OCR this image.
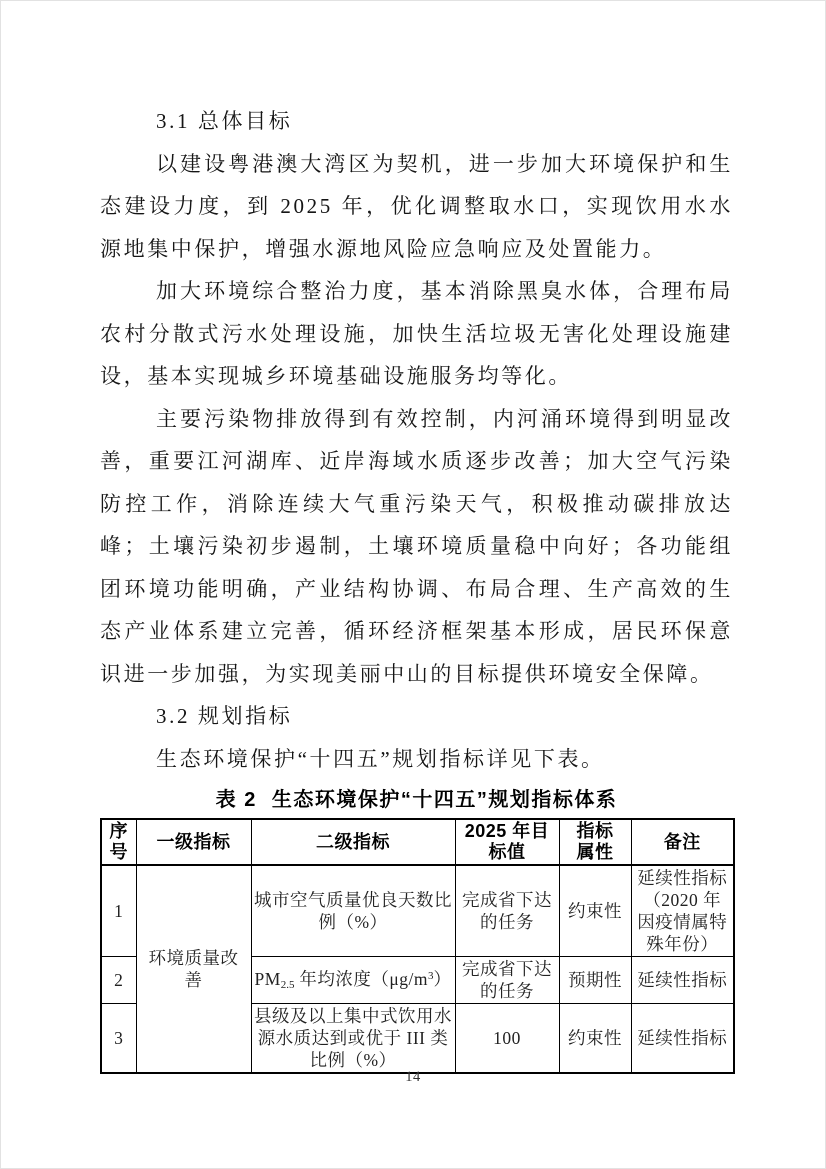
3.1 总体目标

以建设粤港澳大湾区为契机，进一步加大环境保护和生态建设力度，到 2025 年，优化调整取水口，实现饮用水水源地集中保护，增强水源地风险应急响应及处置能力。

加大环境综合整治力度，基本消除黑臭水体，合理布局农村分散式污水处理设施，加快生活垃圾无害化处理设施建设，基本实现城乡环境基础设施服务均等化。

主要污染物排放得到有效控制，内河涌环境得到明显改善，重要江河湖库、近岸海域水质逐步改善；加大空气污染防控工作，消除连续大气重污染天气，积极推动碳排放达峰；土壤污染初步遏制，土壤环境质量稳中向好；各功能组团环境功能明确，产业结构协调、布局合理、生产高效的生态产业体系建立完善，循环经济框架基本形成，居民环保意识进一步加强，为实现美丽中山的目标提供环境安全保障。

3.2 规划指标

生态环境保护“十四五”规划指标详见下表。

表 2 生态环境保护“十四五”规划指标体系
序号	一级指标	二级指标	2025 年目标值	指标属性	备注
1	环境质量改善	城市空气质量优良天数比例（%）	完成省下达的任务	约束性	延续性指标（2020 年因疫情属特殊年份）
2		$PM_{2.5}$ 年均浓度$(\mu g/m^3)$	完成省下达的任务	预期性	延续性指标
3		县级及以上集中式饮用水源水质达到或优于 III 类比例（%）	100	约束性	延续性指标
14
